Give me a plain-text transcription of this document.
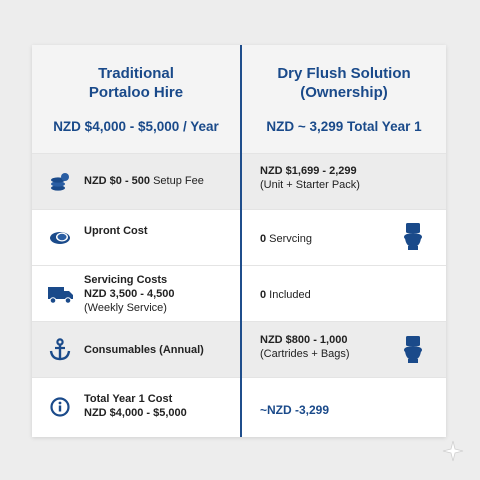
Traditional
Portaloo Hire
NZD $4,000 - $5,000 / Year
Dry Flush Solution
(Ownership)
NZD ~ 3,299 Total Year 1
NZD $0 - 500 Setup Fee
NZD $1,699 - 2,299
(Unit + Starter Pack)
Upront Cost
0 Servcing
Servicing Costs
NZD 3,500 - 4,500
(Weekly Service)
0 Included
Consumables (Annual)
NZD $800 - 1,000
(Cartrides + Bags)
Total Year 1 Cost
NZD $4,000 - $5,000	~NZD -3,299
